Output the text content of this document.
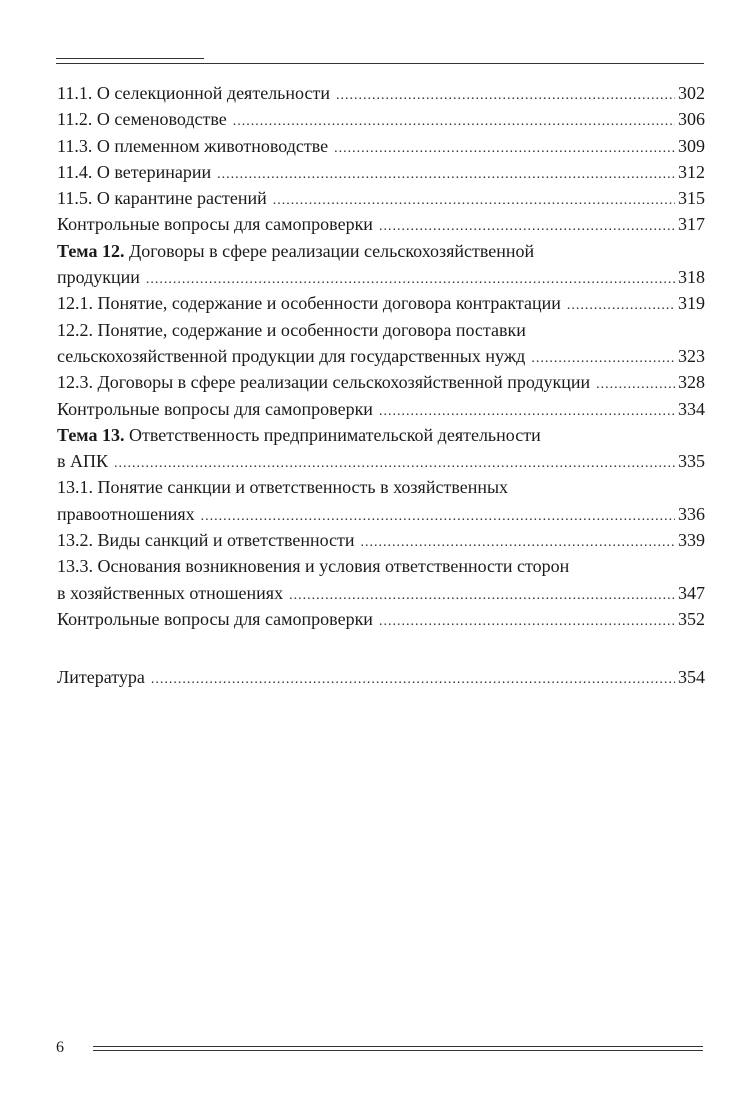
11.1. О селекционной деятельности .....	302
11.2. О семеноводстве .....	306
11.3. О племенном животноводстве .....	309
11.4. О ветеринарии .....	312
11.5. О карантине растений .....	315
Контрольные вопросы для самопроверки .....	317
Тема 12. Договоры в сфере реализации сельскохозяйственной
продукции .....	318
12.1. Понятие, содержание и особенности договора контрактации .....	319
12.2. Понятие, содержание и особенности договора поставки
сельскохозяйственной продукции для государственных нужд .....	323
12.3. Договоры в сфере реализации сельскохозяйственной продукции .....	328
Контрольные вопросы для самопроверки .....	334
Тема 13. Ответственность предпринимательской деятельности
в АПК .....	335
13.1. Понятие санкции и ответственность в хозяйственных
правоотношениях .....	336
13.2. Виды санкций и ответственности .....	339
13.3. Основания возникновения и условия ответственности сторон
в хозяйственных отношениях .....	347
Контрольные вопросы для самопроверки .....	352
Литература .....	354
6
